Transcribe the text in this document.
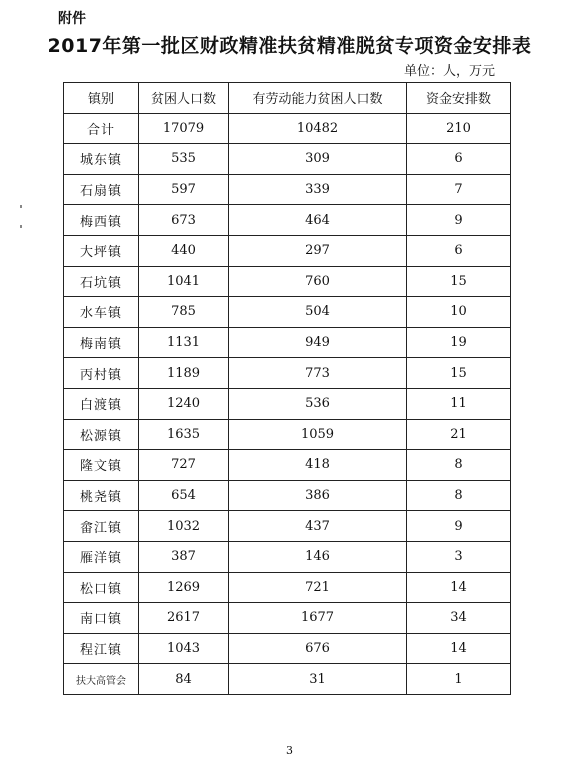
附件
2017年第一批区财政精准扶贫精准脱贫专项资金安排表
单位：人，万元
镇别	贫困人口数	有劳动能力贫困人口数	资金安排数
合计	17079	10482	210
城东镇	535	309	6
石扇镇	597	339	7
梅西镇	673	464	9
大坪镇	440	297	6
石坑镇	1041	760	15
水车镇	785	504	10
梅南镇	1131	949	19
丙村镇	1189	773	15
白渡镇	1240	536	11
松源镇	1635	1059	21
隆文镇	727	418	8
桃尧镇	654	386	8
畲江镇	1032	437	9
雁洋镇	387	146	3
松口镇	1269	721	14
南口镇	2617	1677	34
程江镇	1043	676	14
扶大高管会	84	31	1
3
